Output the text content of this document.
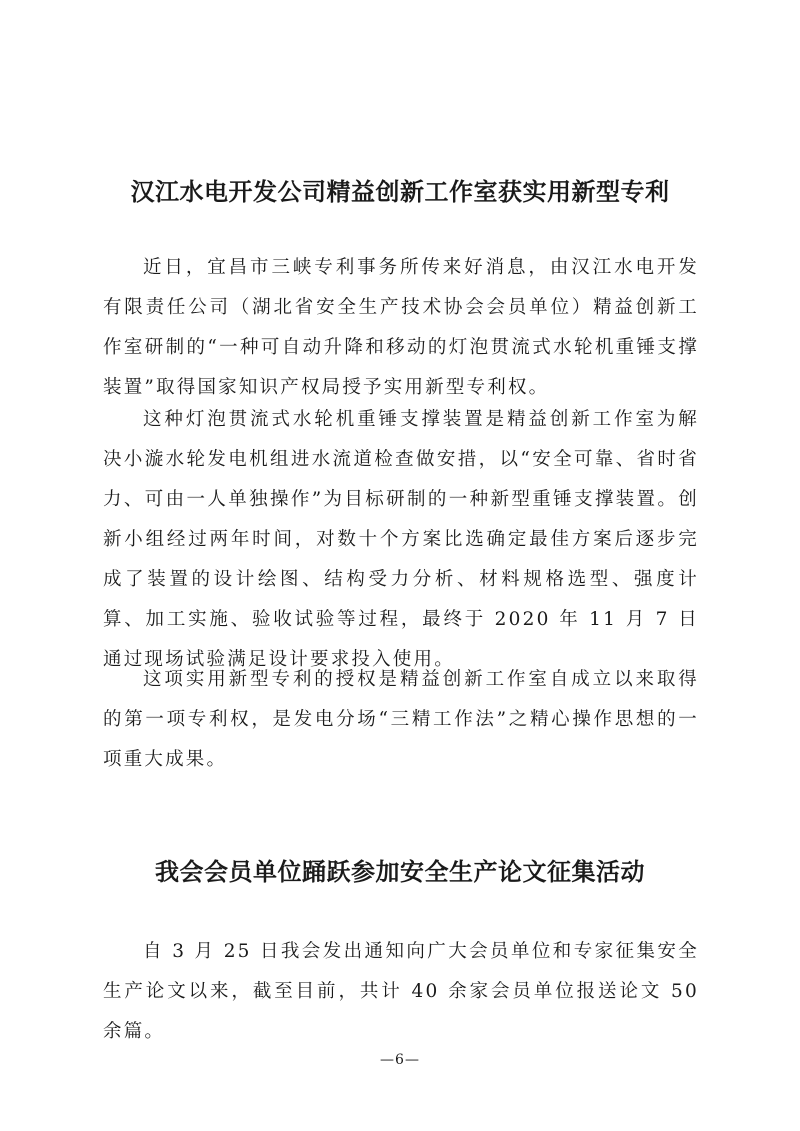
汉江水电开发公司精益创新工作室获实用新型专利

近日，宜昌市三峡专利事务所传来好消息，由汉江水电开发有限责任公司（湖北省安全生产技术协会会员单位）精益创新工作室研制的“一种可自动升降和移动的灯泡贯流式水轮机重锤支撑装置”取得国家知识产权局授予实用新型专利权。

这种灯泡贯流式水轮机重锤支撑装置是精益创新工作室为解决小漩水轮发电机组进水流道检查做安措，以“安全可靠、省时省力、可由一人单独操作”为目标研制的一种新型重锤支撑装置。创新小组经过两年时间，对数十个方案比选确定最佳方案后逐步完成了装置的设计绘图、结构受力分析、材料规格选型、强度计算、加工实施、验收试验等过程，最终于 2020 年 11 月 7 日通过现场试验满足设计要求投入使用。

这项实用新型专利的授权是精益创新工作室自成立以来取得的第一项专利权，是发电分场“三精工作法”之精心操作思想的一项重大成果。

我会会员单位踊跃参加安全生产论文征集活动

自 3 月 25 日我会发出通知向广大会员单位和专家征集安全生产论文以来，截至目前，共计 40 余家会员单位报送论文 50 余篇。

—6—
